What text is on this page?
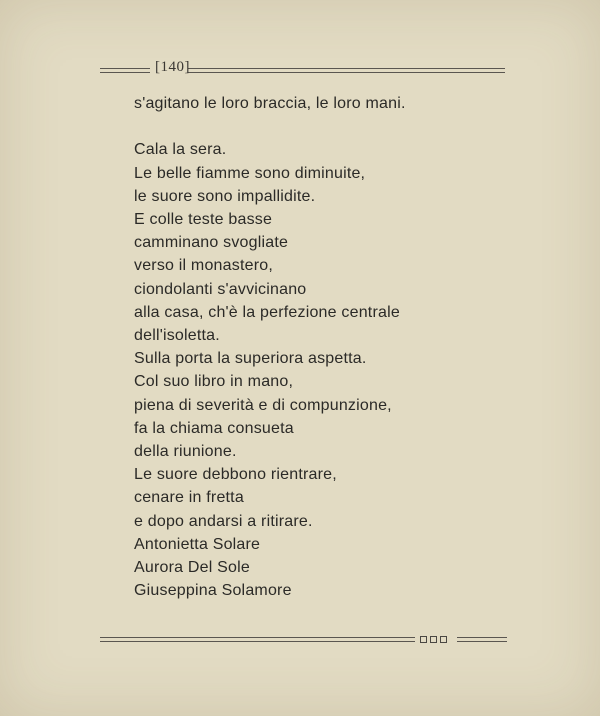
[140]
s'agitano le loro braccia, le loro mani.
Cala la sera.
Le belle fiamme sono diminuite,
le suore sono impallidite.
E colle teste basse
camminano svogliate
verso il monastero,
ciondolanti s'avvicinano
alla casa, ch'è la perfezione centrale
dell'isoletta.
Sulla porta la superiora aspetta.
Col suo libro in mano,
piena di severità e di compunzione,
fa la chiama consueta
della riunione.
Le suore debbono rientrare,
cenare in fretta
e dopo andarsi a ritirare.
Antonietta Solare
Aurora Del Sole
Giuseppina Solamore
